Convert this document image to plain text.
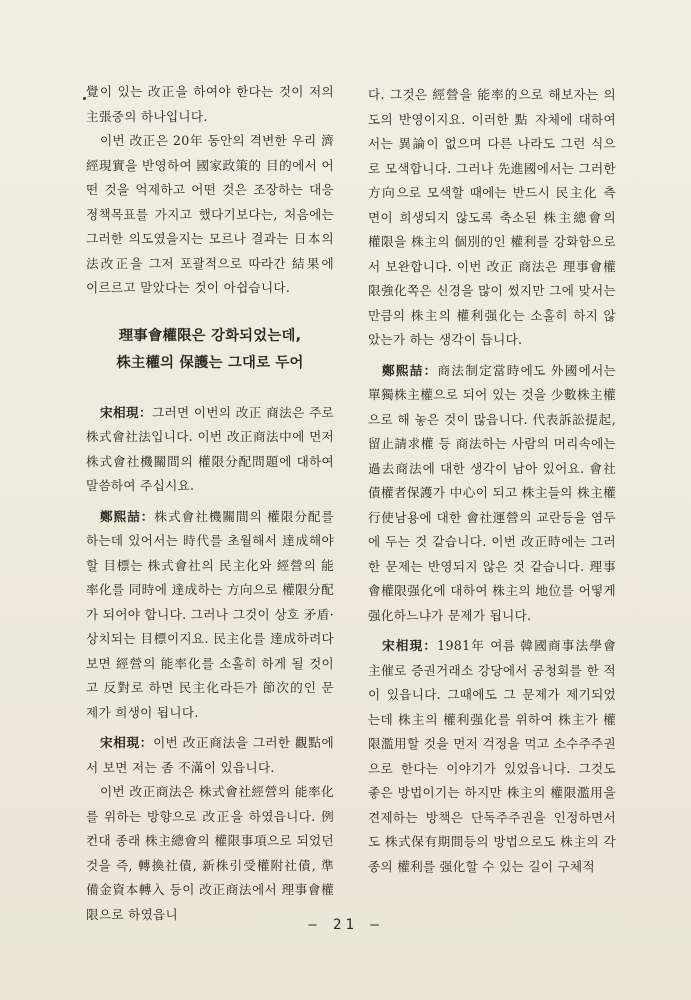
覺이 있는 改正을 하여야 한다는 것이 저의 主張중의 하나입니다.

이번 改正은 20年 동안의 격변한 우리 濟經現實을 반영하여 國家政策的 目的에서 어떤 것을 억제하고 어떤 것은 조장하는 대응 정책목표를 가지고 했다기보다는, 처음에는 그러한 의도였을지는 모르나 결과는 日本의 法改正을 그저 포괄적으로 따라간 結果에 이르르고 말았다는 것이 아쉽습니다.

理事會權限은 강화되었는데,
株主權의 保護는 그대로 두어

宋相現：그러면 이번의 改正 商法은 주로 株式會社法입니다. 이번 改正商法中에 먼저 株式會社機關間의 權限分配問題에 대하여 말씀하여 주십시요.

鄭熙喆：株式會社機關間의 權限分配를 하는데 있어서는 時代를 초월해서 達成해야 할 目標는 株式會社의 民主化와 經營의 能率化를 同時에 達成하는 方向으로 權限分配가 되어야 합니다. 그러나 그것이 상호 矛盾·상치되는 目標이지요. 民主化를 達成하려다 보면 經營의 能率化를 소홀히 하게 될 것이고 反對로 하면 民主化라든가 節次的인 문제가 희생이 됩니다.

宋相現：이번 改正商法을 그러한 觀點에서 보면 저는 좀 不滿이 있읍니다.

이번 改正商法은 株式會社經營의 能率化를 위하는 방향으로 改正을 하였읍니다. 例컨대 종래 株主總會의 權限事項으로 되었던 것을 즉, 轉換社債, 新株引受權附社債, 準備金資本轉入 등이 改正商法에서 理事會權限으로 하였읍니

다. 그것은 經營을 能率的으로 해보자는 의도의 반영이지요. 이러한 點 자체에 대하여서는 異論이 없으며 다른 나라도 그런 식으로 모색합니다. 그러나 先進國에서는 그러한 方向으로 모색할 때에는 반드시 民主化 측면이 희생되지 않도록 축소된 株主總會의 權限을 株主의 個別的인 權利를 강화함으로서 보완합니다. 이번 改正 商法은 理事會權限強化쪽은 신경을 많이 썼지만 그에 맞서는 만큼의 株主의 權利强化는 소홀히 하지 않았는가 하는 생각이 듭니다.

鄭熙喆：商法制定當時에도 外國에서는 單獨株主權으로 되어 있는 것을 少數株主權으로 해 놓은 것이 많읍니다. 代表訴訟提起, 留止請求權 등 商法하는 사람의 머리속에는 過去商法에 대한 생각이 남아 있어요. 會社債權者保護가 中心이 되고 株主들의 株主權行使남용에 대한 會社運營의 교란등을 염두에 두는 것 같습니다. 이번 改正時에는 그러한 문제는 반영되지 않은 것 같습니다. 理事會權限强化에 대하여 株主의 地位를 어떻게 强化하느냐가 문제가 됩니다.

宋相現：1981年 여름 韓國商事法學會 主催로 증권거래소 강당에서 공청회를 한 적이 있읍니다. 그때에도 그 문제가 제기되었는데 株主의 權利强化를 위하여 株主가 權限濫用할 것을 먼저 걱정을 먹고 소수주주권으로 한다는 이야기가 있었읍니다. 그것도 좋은 방법이기는 하지만 株主의 權限濫用을 견제하는 방책은 단독주주권을 인정하면서도 株式保有期間등의 방법으로도 株主의 각종의 權利를 强化할 수 있는 길이 구체적

— 21 —
